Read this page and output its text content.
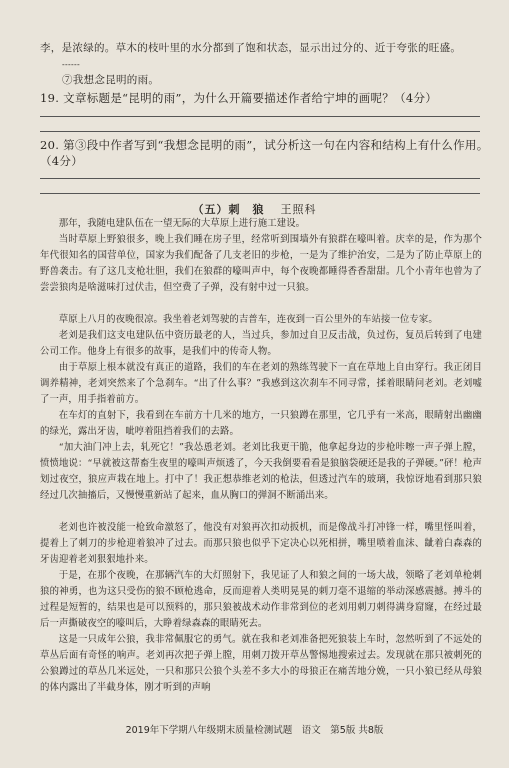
李，是浓绿的。草木的枝叶里的水分都到了饱和状态，显示出过分的、近于夸张的旺盛。
------
⑦我想念昆明的雨。
19. 文章标题是“昆明的雨”，为什么开篇要描述作者给宁坤的画呢？（4分）
20. 第③段中作者写到“我想念昆明的雨”，试分析这一句在内容和结构上有什么作用。
（4分）
（五）刺　狼 王照科
那年，我随电建队伍在一望无际的大草原上进行施工建设。
当时草原上野狼很多，晚上我们睡在房子里，经常听到围墙外有狼群在嚎叫着。庆幸的是，作为那个年代很知名的国营单位，国家为我们配备了几支老旧的步枪，一是为了维护治安，二是为了防止草原上的野兽袭击。有了这几支枪壮胆，我们在狼群的嚎叫声中，每个夜晚都睡得香香甜甜。几个小青年也曾为了尝尝狼肉是啥滋味打过伏击，但空费了子弹，没有射中过一只狼。
草原上八月的夜晚很凉。我坐着老刘驾驶的吉普车，连夜到一百公里外的车站接一位专家。
老刘是我们这支电建队伍中资历最老的人，当过兵，参加过自卫反击战，负过伤，复员后转到了电建公司工作。他身上有很多的故事，是我们中的传奇人物。
由于草原上根本就没有真正的道路，我们的车在老刘的熟练驾驶下一直在草地上自由穿行。我正闭目调养精神，老刘突然来了个急刹车。“出了什么事？”我感到这次刹车不同寻常，揉着眼睛问老刘。老刘嘘了一声，用手指着前方。
在车灯的直射下，我看到在车前方十几米的地方，一只狼蹲在那里，它几乎有一米高，眼睛射出幽幽的绿光，露出牙齿，呲哼着阻挡着我们的去路。
“加大油门冲上去，轧死它！”我怂恿老刘。老刘比我更干脆，他拿起身边的步枪咔嚓一声子弹上膛，愤愤地说：“早就被这帮畜生夜里的嚎叫声烦透了，今天我倒要看看是狼脑袋硬还是我的子弹硬。”砰！枪声划过夜空，狼应声栽在地上。打中了！我正想恭维老刘的枪法，但透过汽车的玻璃，我惊讶地看到那只狼经过几次抽搐后，又慢慢重新站了起来，血从胸口的弹洞不断涌出来。
老刘也许被没能一枪致命激怒了，他没有对狼再次扣动扳机，而是像战斗打冲锋一样，嘴里怪叫着，提着上了刺刀的步枪迎着狼冲了过去。而那只狼也似乎下定决心以死相拼，嘴里喷着血沫、龇着白森森的牙齿迎着老刘狠狠地扑来。
于是，在那个夜晚，在那辆汽车的大灯照射下，我见证了人和狼之间的一场大战，领略了老刘单枪刺狼的神勇，也为这只受伤的狼不顾枪逃命，反而迎着人类明晃晃的刺刀毫不退缩的举动深感震撼。搏斗的过程是短暂的，结果也是可以预料的，那只狼被战术动作非常到位的老刘用刺刀刺得满身窟窿，在经过最后一声撕破夜空的嚎叫后，大睁着绿森森的眼睛死去。
这是一只成年公狼，我非常佩服它的勇气。就在我和老刘准备把死狼装上车时，忽然听到了不远处的草丛后面有奇怪的响声。老刘再次把子弹上膛，用刺刀拨开草丛警惕地搜索过去。发现就在那只被刺死的公狼蹲过的草丛几米远处，一只和那只公狼个头差不多大小的母狼正在痛苦地分娩，一只小狼已经从母狼的体内露出了半截身体，刚才听到的声响
2019年下学期八年级期末质量检测试题　语文　第5版 共8版
